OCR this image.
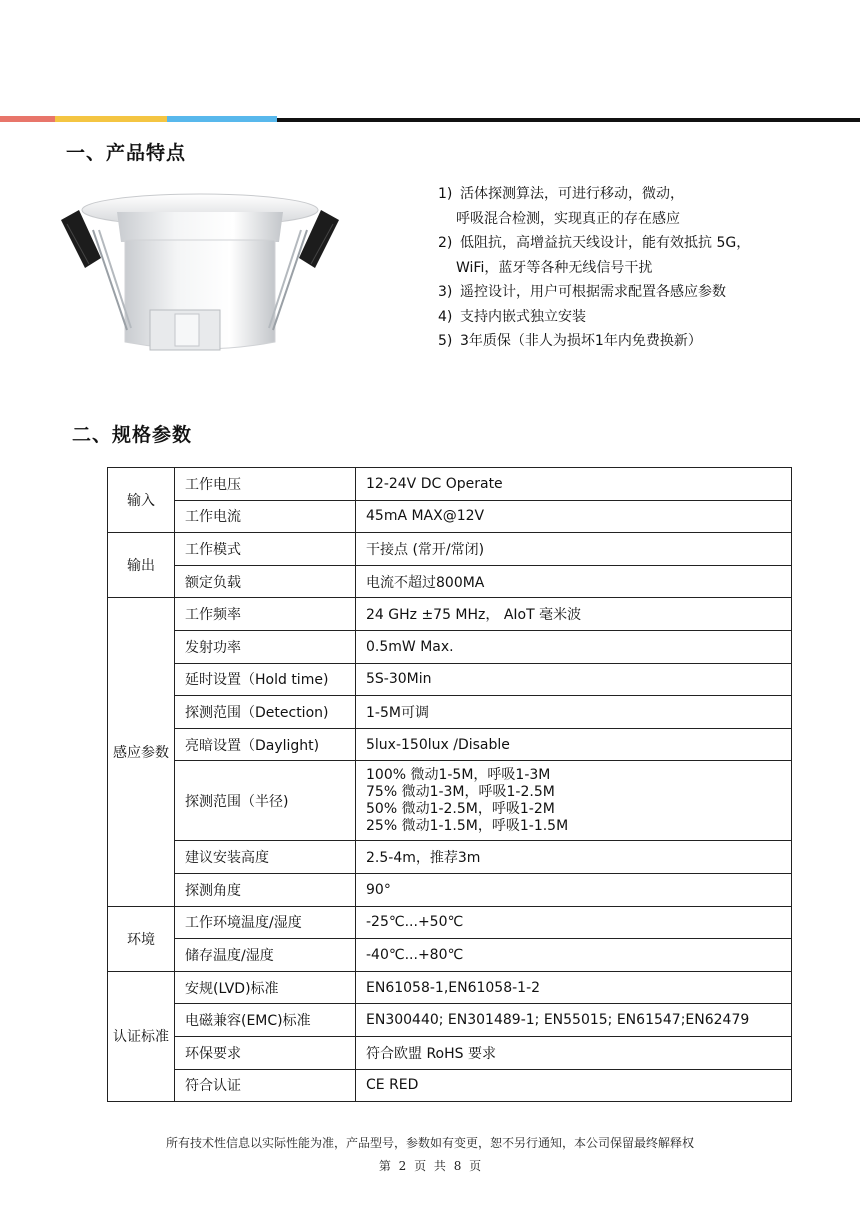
一、产品特点
1) 活体探测算法，可进行移动，微动，
呼吸混合检测，实现真正的存在感应
2) 低阻抗，高增益抗天线设计，能有效抵抗 5G，
WiFi，蓝牙等各种无线信号干扰
3) 遥控设计，用户可根据需求配置各感应参数
4) 支持内嵌式独立安装
5) 3年质保（非人为损坏1年内免费换新）
二、规格参数
输入	工作电压	12-24V DC Operate
	工作电流	45mA MAX@12V
输出	工作模式	干接点 (常开/常闭)
	额定负载	电流不超过800MA
感应参数	工作频率	24 GHz ±75 MHz， AIoT 毫米波
	发射功率	0.5mW Max.
	延时设置（Hold time)	5S-30Min
	探测范围（Detection)	1-5M可调
	亮暗设置（Daylight)	5lux-150lux /Disable
	探测范围（半径)	100% 微动1-5M，呼吸1-3M
75% 微动1-3M，呼吸1-2.5M
50% 微动1-2.5M，呼吸1-2M
25% 微动1-1.5M，呼吸1-1.5M

	建议安装高度	2.5-4m，推荐3m
	探测角度	90°
环境	工作环境温度/湿度	-25℃...+50℃
	储存温度/湿度	-40℃...+80℃
认证标准	安规(LVD)标准	EN61058-1,EN61058-1-2
	电磁兼容(EMC)标准	EN300440; EN301489-1; EN55015; EN61547;EN62479
	环保要求	符合欧盟 RoHS 要求
	符合认证	CE RED
所有技术性信息以实际性能为准，产品型号，参数如有变更，恕不另行通知，本公司保留最终解释权
第 2 页 共 8 页
